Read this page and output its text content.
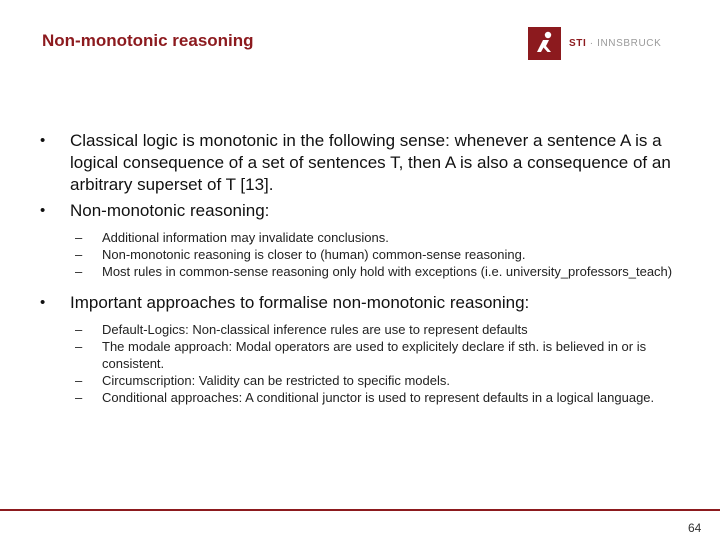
Non-monotonic reasoning	STI · INNSBRUCK
• Classical logic is monotonic in the following sense: whenever a sentence A is a logical consequence of a set of sentences T, then A is also a consequence of an arbitrary superset of T [13].
• Non-monotonic reasoning:
– Additional information may invalidate conclusions.
– Non-monotonic reasoning is closer to (human) common-sense reasoning.
– Most rules in common-sense reasoning only hold with exceptions (i.e. university_professors_teach)
• Important approaches to formalise non-monotonic reasoning:
– Default-Logics: Non-classical inference rules are use to represent defaults
– The modale approach: Modal operators are used to explicitely declare if sth. is believed in or is consistent.
– Circumscription: Validity can be restricted to specific models.
– Conditional approaches: A conditional junctor is used to represent defaults in a logical language.
64
